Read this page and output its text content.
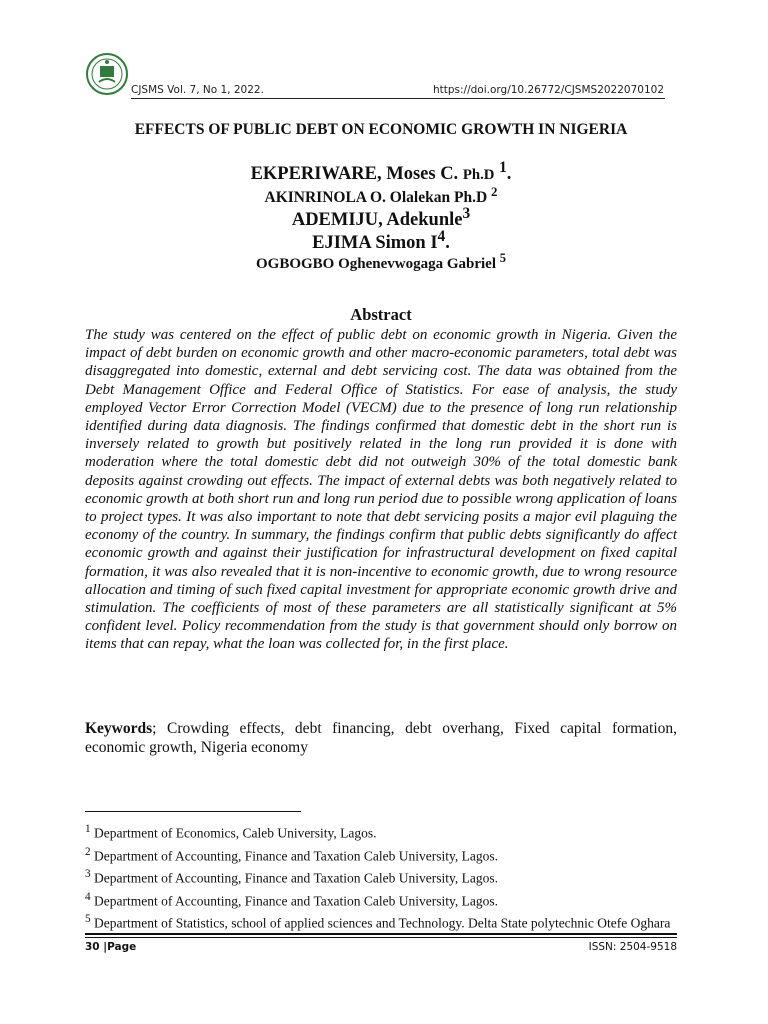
CJSMS Vol. 7, No 1, 2022.	https://doi.org/10.26772/CJSMS2022070102
EFFECTS OF PUBLIC DEBT ON ECONOMIC GROWTH IN NIGERIA
EKPERIWARE, Moses C. Ph.D $^1$.
AKINRINOLA O. Olalekan Ph.D $^2$
ADEMIJU, Adekunle$^3$
EJIMA Simon $I^4$.
OGBOGBO Oghenevwogaga Gabriel $^5$
Abstract

The study was centered on the effect of public debt on economic growth in Nigeria. Given the impact of debt burden on economic growth and other macro-economic parameters, total debt was disaggregated into domestic, external and debt servicing cost. The data was obtained from the Debt Management Office and Federal Office of Statistics. For ease of analysis, the study employed Vector Error Correction Model (VECM) due to the presence of long run relationship identified during data diagnosis. The findings confirmed that domestic debt in the short run is inversely related to growth but positively related in the long run provided it is done with moderation where the total domestic debt did not outweigh 30% of the total domestic bank deposits against crowding out effects. The impact of external debts was both negatively related to economic growth at both short run and long run period due to possible wrong application of loans to project types. It was also important to note that debt servicing posits a major evil plaguing the economy of the country. In summary, the findings confirm that public debts significantly do affect economic growth and against their justification for infrastructural development on fixed capital formation, it was also revealed that it is non-incentive to economic growth, due to wrong resource allocation and timing of such fixed capital investment for appropriate economic growth drive and stimulation. The coefficients of most of these parameters are all statistically significant at 5% confident level. Policy recommendation from the study is that government should only borrow on items that can repay, what the loan was collected for, in the first place.

Keywords; Crowding effects, debt financing, debt overhang, Fixed capital formation, economic growth, Nigeria economy

$^1$ Department of Economics, Caleb University, Lagos.
$^2$ Department of Accounting, Finance and Taxation Caleb University, Lagos.
$^3$ Department of Accounting, Finance and Taxation Caleb University, Lagos.
$^4$ Department of Accounting, Finance and Taxation Caleb University, Lagos.
$^5$ Department of Statistics, school of applied sciences and Technology. Delta State polytechnic Otefe Oghara
30 |Page	ISSN: 2504-9518
